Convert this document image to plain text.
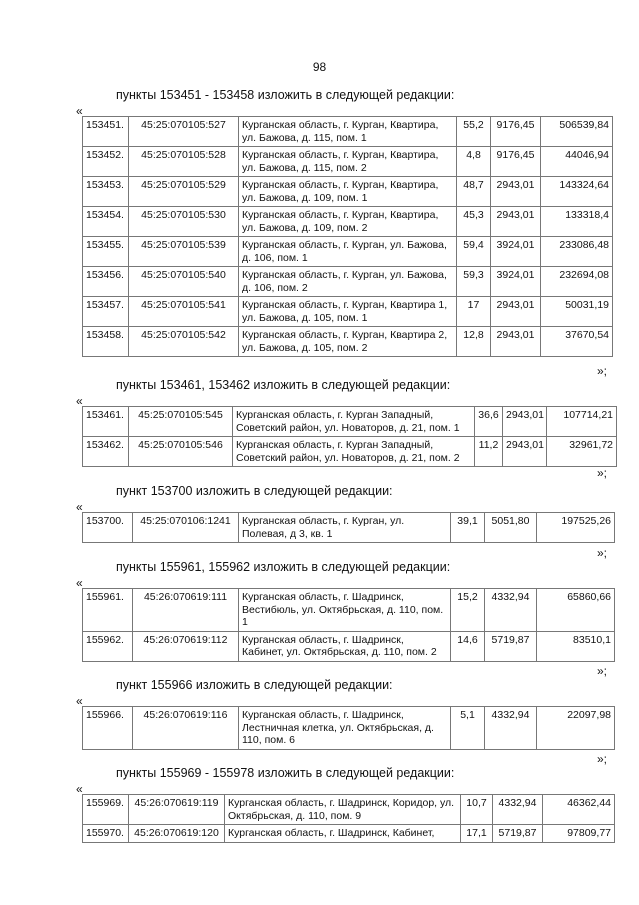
98
пункты 153451 - 153458 изложить в следующей редакции:
«
153451.	45:25:070105:527	Курганская область, г. Курган, Квартира, ул. Бажова, д. 115, пом. 1	55,2	9176,45	506539,84
153452.	45:25:070105:528	Курганская область, г. Курган, Квартира, ул. Бажова, д. 115, пом. 2	4,8	9176,45	44046,94
153453.	45:25:070105:529	Курганская область, г. Курган, Квартира, ул. Бажова, д. 109, пом. 1	48,7	2943,01	143324,64
153454.	45:25:070105:530	Курганская область, г. Курган, Квартира, ул. Бажова, д. 109, пом. 2	45,3	2943,01	133318,4
153455.	45:25:070105:539	Курганская область, г. Курган, ул. Бажова, д. 106, пом. 1	59,4	3924,01	233086,48
153456.	45:25:070105:540	Курганская область, г. Курган, ул. Бажова, д. 106, пом. 2	59,3	3924,01	232694,08
153457.	45:25:070105:541	Курганская область, г. Курган, Квартира 1, ул. Бажова, д. 105, пом. 1	17	2943,01	50031,19
153458.	45:25:070105:542	Курганская область, г. Курган, Квартира 2, ул. Бажова, д. 105, пом. 2	12,8	2943,01	37670,54
»;
пункты 153461, 153462 изложить в следующей редакции:
«
153461.	45:25:070105:545	Курганская область, г. Курган Западный, Советский район, ул. Новаторов, д. 21, пом. 1	36,6	2943,01	107714,21
153462.	45:25:070105:546	Курганская область, г. Курган Западный, Советский район, ул. Новаторов, д. 21, пом. 2	11,2	2943,01	32961,72
»;
пункт 153700 изложить в следующей редакции:
«
153700.	45:25:070106:1241	Курганская область, г. Курган, ул. Полевая, д 3, кв. 1	39,1	5051,80	197525,26
»;
пункты 155961, 155962 изложить в следующей редакции:
«
155961.	45:26:070619:111	Курганская область, г. Шадринск, Вестибюль, ул. Октябрьская, д. 110, пом. 1	15,2	4332,94	65860,66
155962.	45:26:070619:112	Курганская область, г. Шадринск, Кабинет, ул. Октябрьская, д. 110, пом. 2	14,6	5719,87	83510,1
»;
пункт 155966 изложить в следующей редакции:
«
155966.	45:26:070619:116	Курганская область, г. Шадринск, Лестничная клетка, ул. Октябрьская, д. 110, пом. 6	5,1	4332,94	22097,98
»;
пункты 155969 - 155978 изложить в следующей редакции:
«
155969.	45:26:070619:119	Курганская область, г. Шадринск, Коридор, ул. Октябрьская, д. 110, пом. 9	10,7	4332,94	46362,44
155970.	45:26:070619:120	Курганская область, г. Шадринск, Кабинет,	17,1	5719,87	97809,77
